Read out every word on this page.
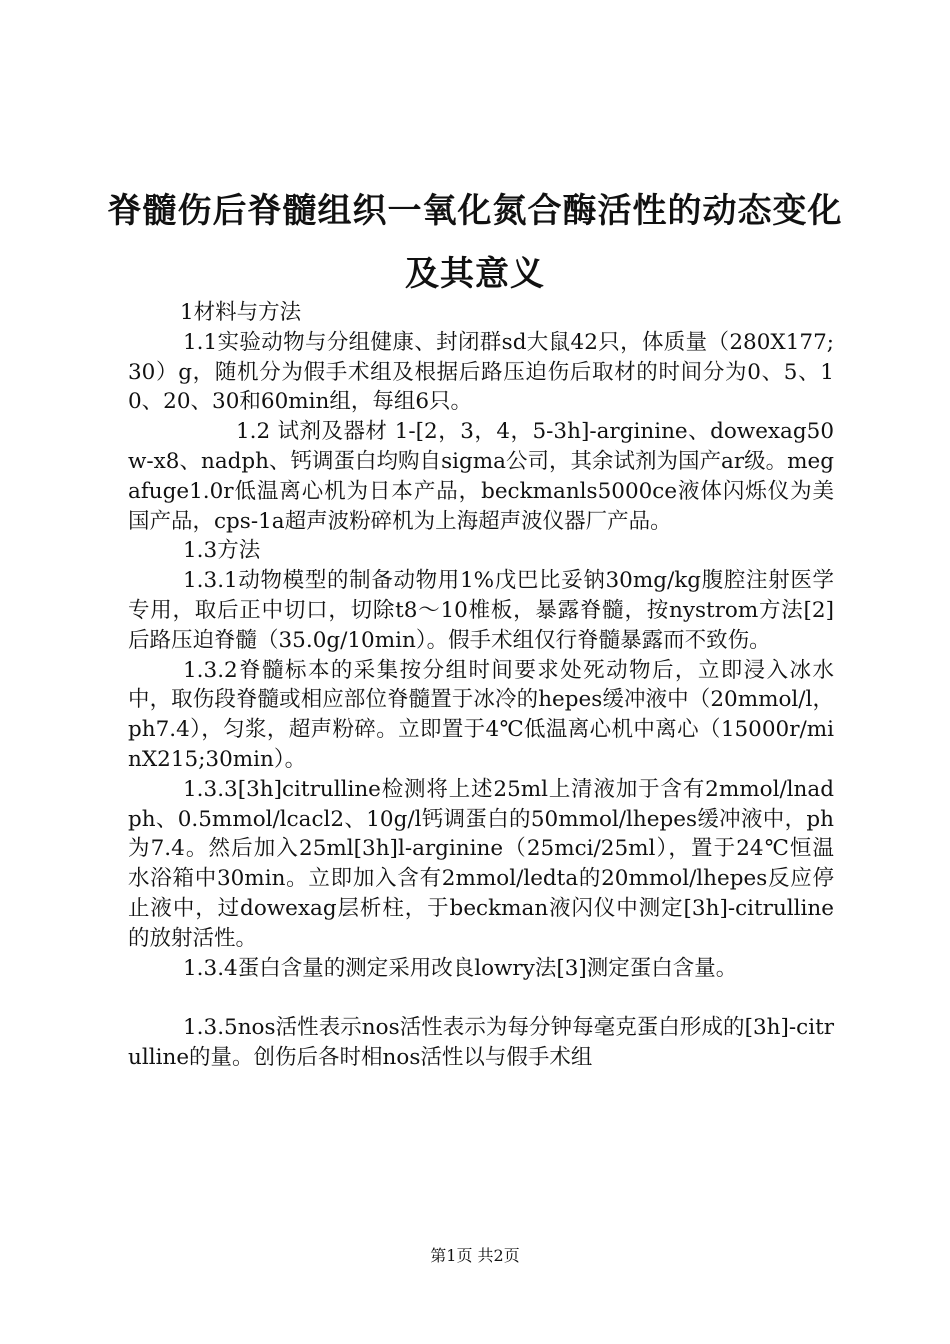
脊髓伤后脊髓组织一氧化氮合酶活性的动态变化及其意义

1材料与方法

1.1实验动物与分组健康、封闭群sd大鼠42只，体质量（280X177;30）g，随机分为假手术组及根据后路压迫伤后取材的时间分为0、5、10、20、30和60min组，每组6只。

1.2 试剂及器材 1-[2，3，4，5-3h]-arginine、dowexag50w-x8、nadph、钙调蛋白均购自sigma公司，其余试剂为国产ar级。megafuge1.0r低温离心机为日本产品，beckmanls5000ce液体闪烁仪为美国产品，cps-1a超声波粉碎机为上海超声波仪器厂产品。

1.3方法

1.3.1动物模型的制备动物用1%戊巴比妥钠30mg/kg腹腔注射医学专用，取后正中切口，切除t8～10椎板，暴露脊髓，按nystrom方法[2]后路压迫脊髓（35.0g/10min）。假手术组仅行脊髓暴露而不致伤。

1.3.2脊髓标本的采集按分组时间要求处死动物后，立即浸入冰水中，取伤段脊髓或相应部位脊髓置于冰冷的hepes缓冲液中（20mmol/l，ph7.4），匀浆，超声粉碎。立即置于4℃低温离心机中离心（15000r/minX215;30min）。

1.3.3[3h]citrulline检测将上述25ml上清液加于含有2mmol/lnadph、0.5mmol/lcacl2、10g/l钙调蛋白的50mmol/lhepes缓冲液中，ph为7.4。然后加入25ml[3h]l-arginine（25mci/25ml），置于24℃恒温水浴箱中30min。立即加入含有2mmol/ledta的20mmol/lhepes反应停止液中，过dowexag层析柱，于beckman液闪仪中测定[3h]-citrulline的放射活性。

1.3.4蛋白含量的测定采用改良lowry法[3]测定蛋白含量。

1.3.5nos活性表示nos活性表示为每分钟每毫克蛋白形成的[3h]-citrulline的量。创伤后各时相nos活性以与假手术组

第1页 共2页
